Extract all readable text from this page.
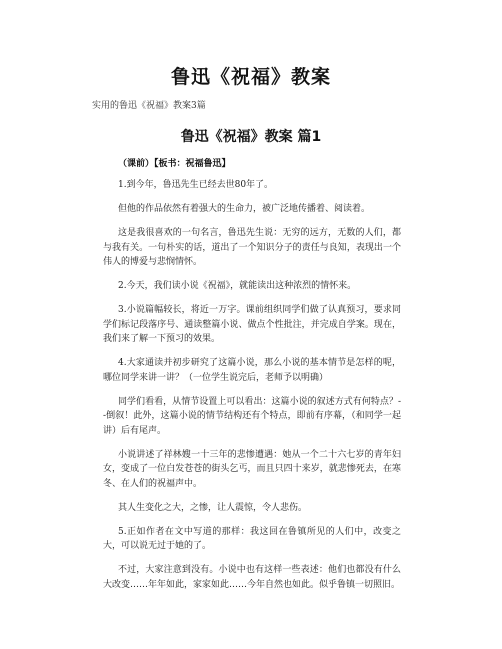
鲁迅《祝福》教案
实用的鲁迅《祝福》教案3篇
鲁迅《祝福》教案 篇1
（课前）【板书：祝福鲁迅】

1.到今年，鲁迅先生已经去世80年了。

但他的作品依然有着强大的生命力，被广泛地传播着、阅读着。

这是我很喜欢的一句名言，鲁迅先生说：无穷的远方，无数的人们，都与我有关。一句朴实的话，道出了一个知识分子的责任与良知，表现出一个伟人的博爱与悲悯情怀。

2.今天，我们读小说《祝福》，就能读出这种浓烈的情怀来。

3.小说篇幅较长，将近一万字。课前组织同学们做了认真预习，要求同学们标记段落序号、通读整篇小说、做点个性批注，并完成自学案。现在，我们来了解一下预习的效果。

4.大家通读并初步研究了这篇小说，那么小说的基本情节是怎样的呢，哪位同学来讲一讲？（一位学生说完后，老师予以明确）

同学们看看，从情节设置上可以看出：这篇小说的叙述方式有何特点？--倒叙！此外，这篇小说的情节结构还有个特点，即前有序幕，（和同学一起讲）后有尾声。

小说讲述了祥林嫂一十三年的悲惨遭遇：她从一个二十六七岁的青年妇女，变成了一位白发苍苍的街头乞丐，而且只四十来岁，就悲惨死去，在寒冬、在人们的祝福声中。

其人生变化之大，之惨，让人震惊，令人悲伤。

5.正如作者在文中写道的那样：我这回在鲁镇所见的人们中，改变之大，可以说无过于她的了。

不过，大家注意到没有。小说中也有这样一些表述：他们也都没有什么大改变……年年如此，家家如此……今年自然也如此。似乎鲁镇一切照旧。
